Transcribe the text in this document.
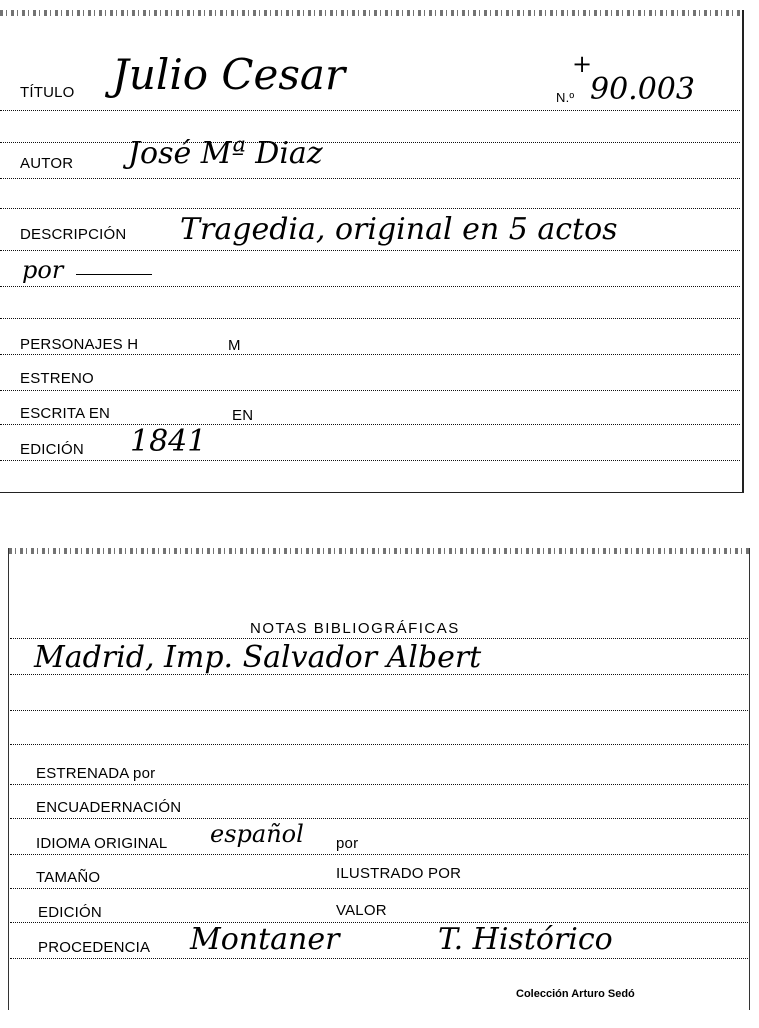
TÍTULO Julio Cesar	N.º
+
90.003
AUTOR José Mª Diaz
DESCRIPCIÓN Tragedia, original en 5 actos
por
PERSONAJES H	M
ESTRENO
ESCRITA EN	EN
EDICIÓN 1841
NOTAS BIBLIOGRÁFICAS
Madrid, Imp. Salvador Albert
ESTRENADA por
ENCUADERNACIÓN
IDIOMA ORIGINAL español por
TAMAÑO	ILUSTRADO POR
EDICIÓN	VALOR
PROCEDENCIA Montaner	T. Histórico
Colección Arturo Sedó
